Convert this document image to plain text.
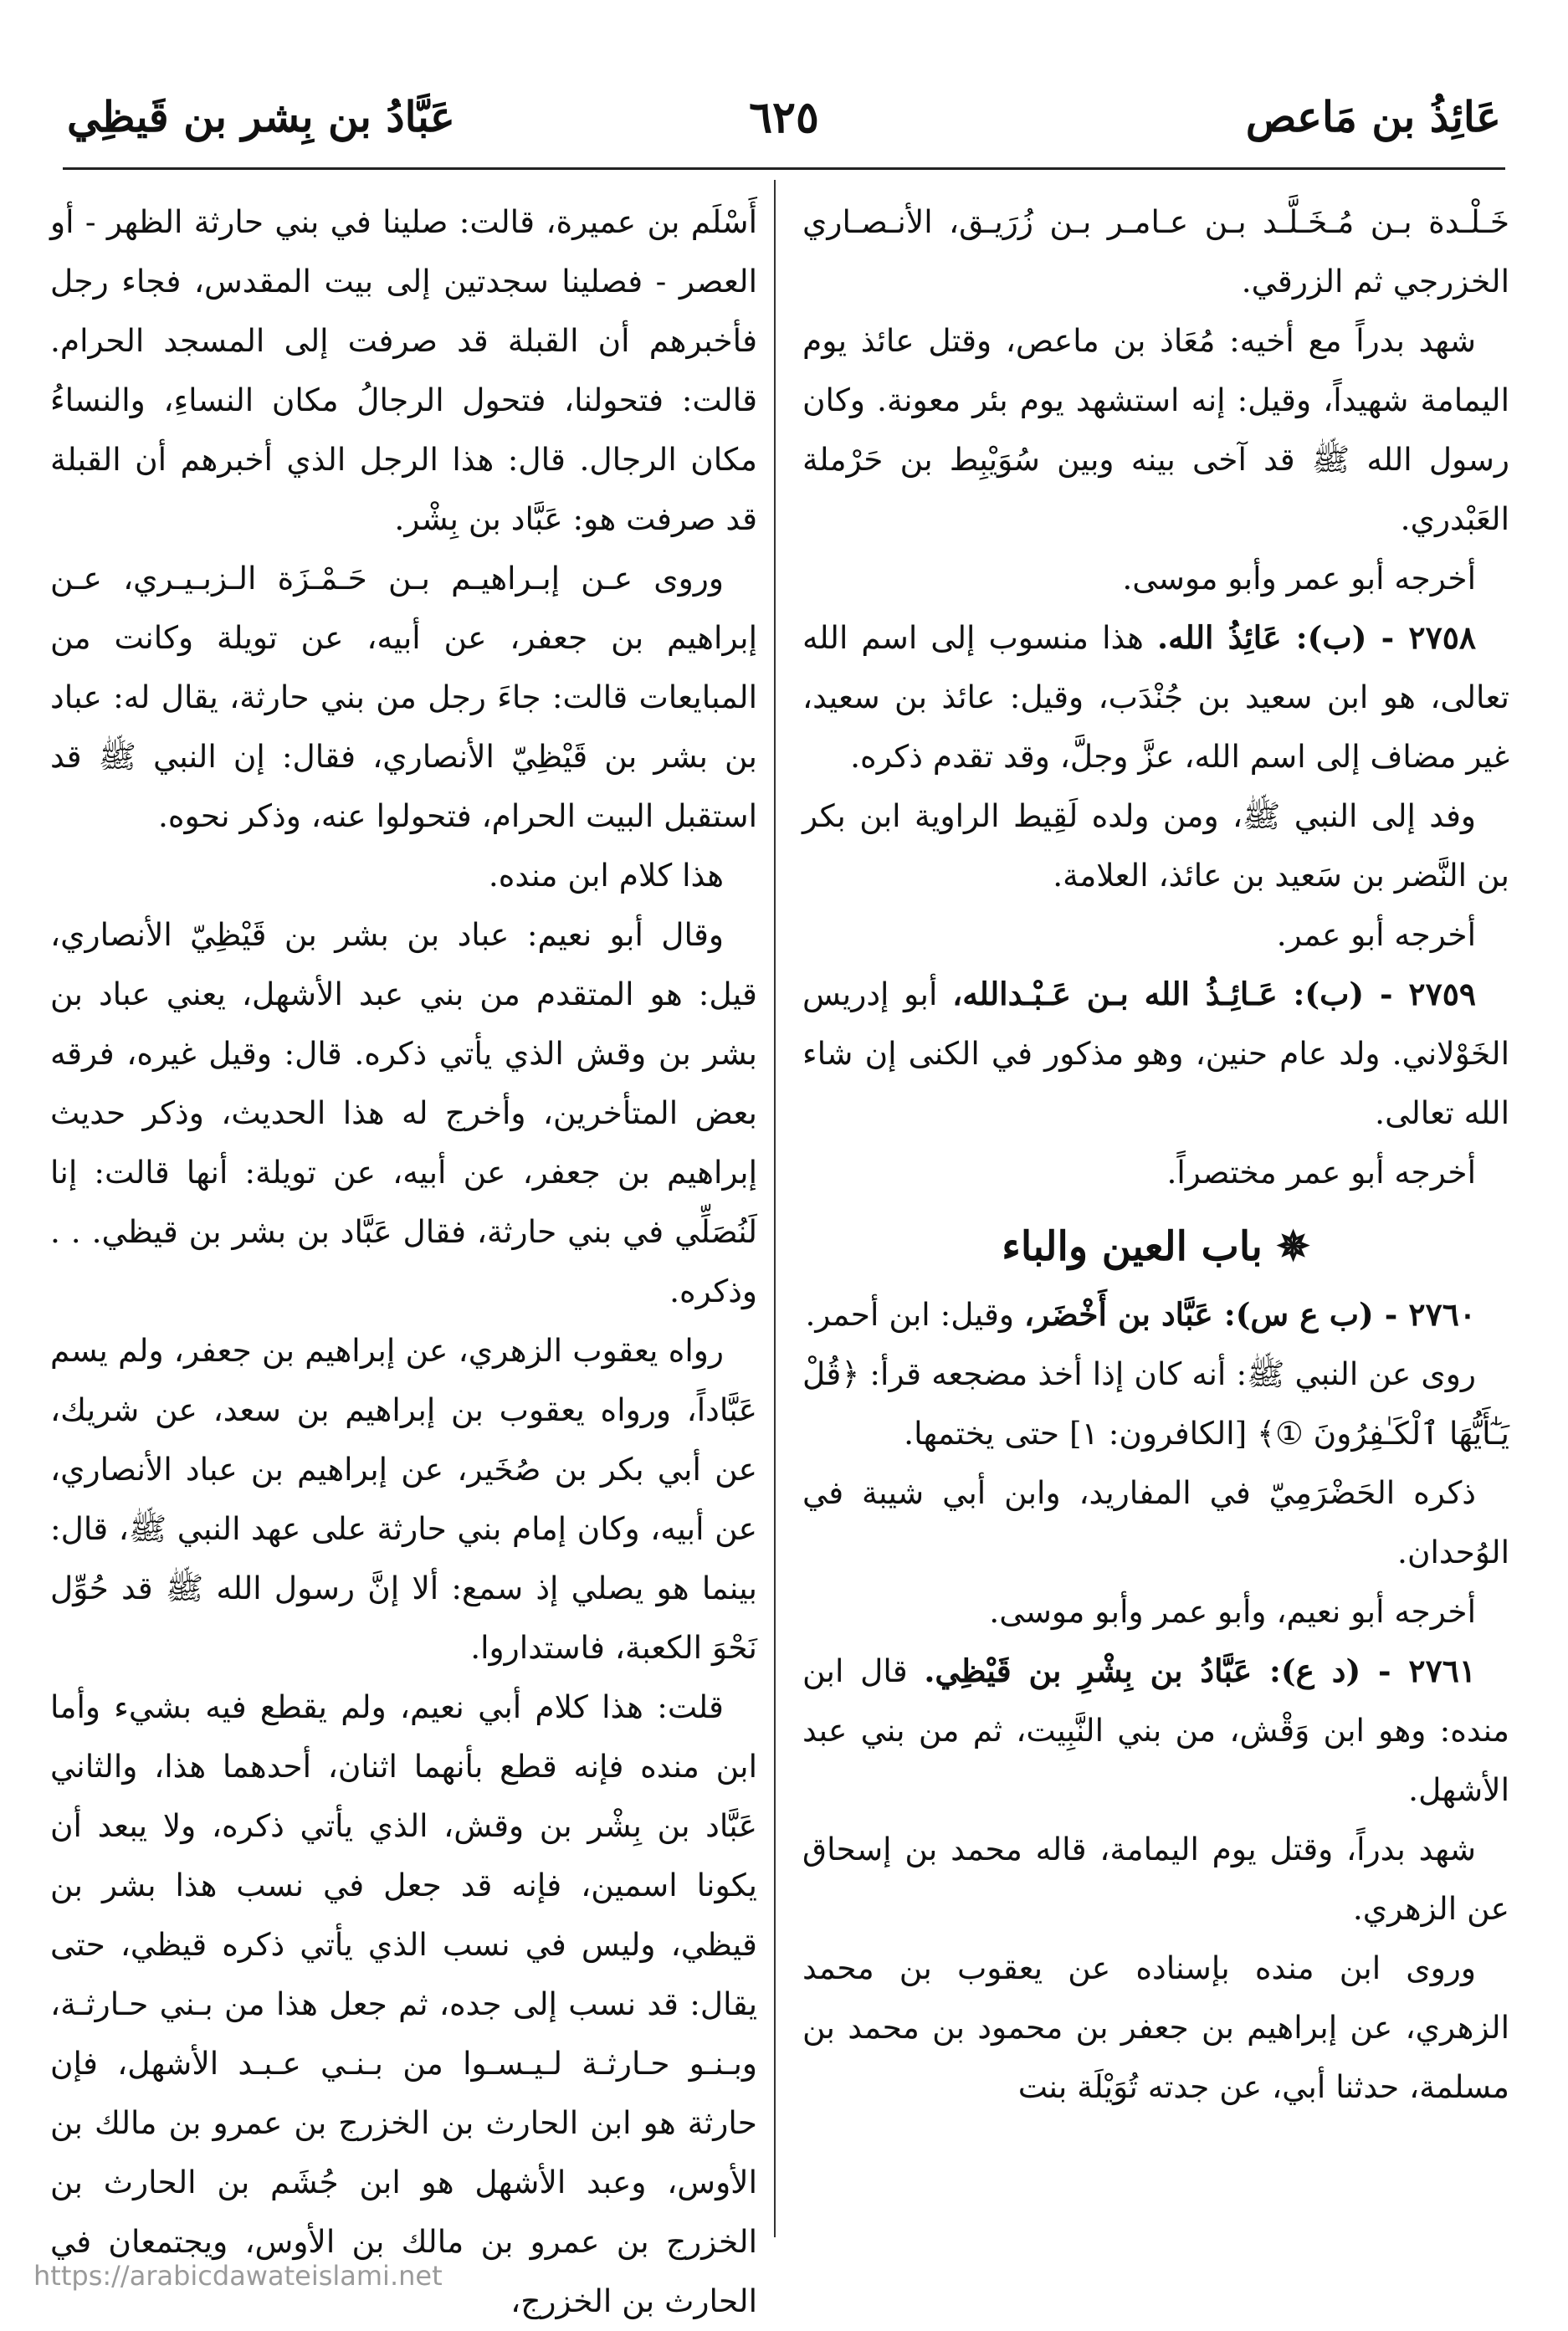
عَائِذُ بن مَاعص
٦٢٥
عَبَّادُ بن بِشر بن قَيظِي

خَـلْـدة بـن مُـخَـلَّـد بـن عـامـر بـن زُرَيـق، الأنـصـاري الخزرجي ثم الزرقي.

شهد بدراً مع أخيه: مُعَاذ بن ماعص، وقتل عائذ يوم اليمامة شهيداً، وقيل: إنه استشهد يوم بئر معونة. وكان رسول الله ﷺ قد آخى بينه وبين سُوَيْبِط بن حَرْملة العَبْدري.

أخرجه أبو عمر وأبو موسى.

٢٧٥٨ - (ب): عَائِذُ الله. هذا منسوب إلى اسم الله تعالى، هو ابن سعيد بن جُنْدَب، وقيل: عائذ بن سعيد، غير مضاف إلى اسم الله، عزَّ وجلَّ، وقد تقدم ذكره.

وفد إلى النبي ﷺ، ومن ولده لَقِيط الراوية ابن بكر بن النَّضر بن سَعيد بن عائذ، العلامة.

أخرجه أبو عمر.

٢٧٥٩ - (ب): عَـائِـذُ الله بـن عَـبْـدالله، أبو إدريس الخَوْلاني. ولد عام حنين، وهو مذكور في الكنى إن شاء الله تعالى.

أخرجه أبو عمر مختصراً.

✵ باب العين والباء

٢٧٦٠ - (ب ع س): عَبَّاد بن أَخْضَر، وقيل: ابن أحمر.

روى عن النبي ﷺ: أنه كان إذا أخذ مضجعه قرأ: ﴿قُلْ يَـٰٓأَيُّهَا ٱلْكَـٰفِرُونَ ①﴾ [الكافرون: ١] حتى يختمها.

ذكره الحَضْرَمِيّ في المفاريد، وابن أبي شيبة في الوُحدان.

أخرجه أبو نعيم، وأبو عمر وأبو موسى.

٢٧٦١ - (د ع): عَبَّادُ بن بِشْرِ بن قَيْظِي. قال ابن منده: وهو ابن وَقْش، من بني النَّبِيت، ثم من بني عبد الأشهل.

شهد بدراً، وقتل يوم اليمامة، قاله محمد بن إسحاق عن الزهري.

وروى ابن منده بإسناده عن يعقوب بن محمد الزهري، عن إبراهيم بن جعفر بن محمود بن محمد بن مسلمة، حدثنا أبي، عن جدته تُوَيْلَة بنت

أَسْلَم بن عميرة، قالت: صلينا في بني حارثة الظهر - أو العصر - فصلينا سجدتين إلى بيت المقدس، فجاء رجل فأخبرهم أن القبلة قد صرفت إلى المسجد الحرام. قالت: فتحولنا، فتحول الرجالُ مكان النساءِ، والنساءُ مكان الرجال. قال: هذا الرجل الذي أخبرهم أن القبلة قد صرفت هو: عَبَّاد بن بِشْر.

وروى عـن إبـراهيـم بـن حَـمْـزَة الـزبـيـري، عـن إبراهيم بن جعفر، عن أبيه، عن تويلة وكانت من المبايعات قالت: جاءَ رجل من بني حارثة، يقال له: عباد بن بشر بن قَيْظِيّ الأنصاري، فقال: إن النبي ﷺ قد استقبل البيت الحرام، فتحولوا عنه، وذكر نحوه.

هذا كلام ابن منده.

وقال أبو نعيم: عباد بن بشر بن قَيْظِيّ الأنصاري، قيل: هو المتقدم من بني عبد الأشهل، يعني عباد بن بشر بن وقش الذي يأتي ذكره. قال: وقيل غيره، فرقه بعض المتأخرين، وأخرج له هذا الحديث، وذكر حديث إبراهيم بن جعفر، عن أبيه، عن تويلة: أنها قالت: إنا لَنُصَلِّي في بني حارثة، فقال عَبَّاد بن بشر بن قيظي. . . وذكره.

رواه يعقوب الزهري، عن إبراهيم بن جعفر، ولم يسم عَبَّاداً، ورواه يعقوب بن إبراهيم بن سعد، عن شريك، عن أبي بكر بن صُخَير، عن إبراهيم بن عباد الأنصاري، عن أبيه، وكان إمام بني حارثة على عهد النبي ﷺ، قال: بينما هو يصلي إذ سمع: ألا إنَّ رسول الله ﷺ قد حُوِّل نَحْوَ الكعبة، فاستداروا.

قلت: هذا كلام أبي نعيم، ولم يقطع فيه بشيء وأما ابن منده فإنه قطع بأنهما اثنان، أحدهما هذا، والثاني عَبَّاد بن بِشْر بن وقش، الذي يأتي ذكره، ولا يبعد أن يكونا اسمين، فإنه قد جعل في نسب هذا بشر بن قيظي، وليس في نسب الذي يأتي ذكره قيظي، حتى يقال: قد نسب إلى جده، ثم جعل هذا من بـني حـارثـة، وبـنـو حـارثـة لـيـسـوا من بـنـي عـبـد الأشهل، فإن حارثة هو ابن الحارث بن الخزرج بن عمرو بن مالك بن الأوس، وعبد الأشهل هو ابن جُشَم بن الحارث بن الخزرج بن عمرو بن مالك بن الأوس، ويجتمعان في الحارث بن الخزرج،

https://arabicdawateislami.net
